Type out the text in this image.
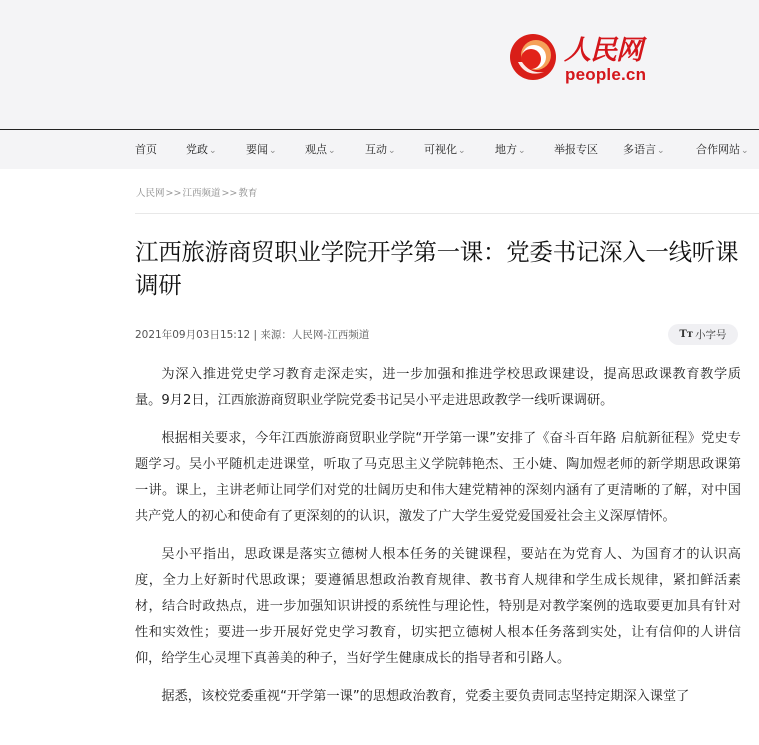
人民网
people.cn
首页	党政⌄	要闻⌄	观点⌄	互动⌄	可视化⌄	地方⌄	举报专区 多语言⌄	合作网站⌄
人民网>>江西频道>>教育
江西旅游商贸职业学院开学第一课：党委书记深入一线听课调研
2021年09月03日15:12 | 来源：人民网-江西频道	Tт 小字号

为深入推进党史学习教育走深走实，进一步加强和推进学校思政课建设，提高思政课教育教学质量。9月2日，江西旅游商贸职业学院党委书记吴小平走进思政教学一线听课调研。

根据相关要求，今年江西旅游商贸职业学院“开学第一课”安排了《奋斗百年路 启航新征程》党史专题学习。吴小平随机走进课堂，听取了马克思主义学院韩艳杰、王小婕、陶加煜老师的新学期思政课第一讲。课上，主讲老师让同学们对党的壮阔历史和伟大建党精神的深刻内涵有了更清晰的了解，对中国共产党人的初心和使命有了更深刻的的认识，激发了广大学生爱党爱国爱社会主义深厚情怀。

吴小平指出，思政课是落实立德树人根本任务的关键课程，要站在为党育人、为国育才的认识高度，全力上好新时代思政课；要遵循思想政治教育规律、教书育人规律和学生成长规律，紧扣鲜活素材，结合时政热点，进一步加强知识讲授的系统性与理论性，特别是对教学案例的选取要更加具有针对性和实效性；要进一步开展好党史学习教育，切实把立德树人根本任务落到实处，让有信仰的人讲信仰，给学生心灵埋下真善美的种子，当好学生健康成长的指导者和引路人。

据悉，该校党委重视“开学第一课”的思想政治教育，党委主要负责同志坚持定期深入课堂了
